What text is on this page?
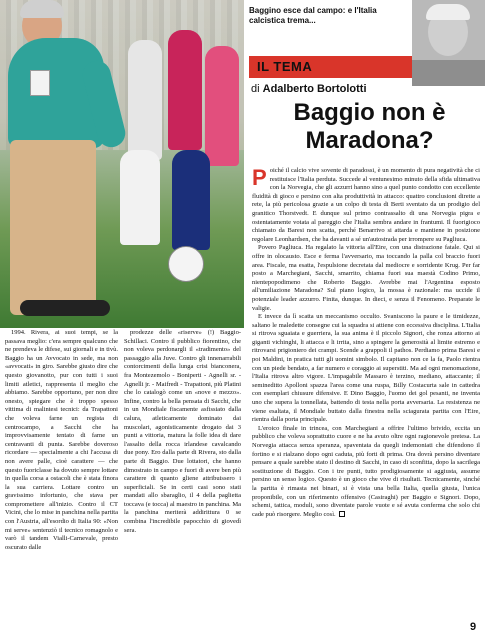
Baggino esce dal campo: e l'Italia calcistica trema...
IL TEMA
di Adalberto Bortolotti
Baggio non è Maradona?

1994. Rivera, ai suoi tempi, se la passava meglio: c'era sempre qualcuno che ne prendeva le difese, sui giornali e in tivù. Baggio ha un Avvocato in sede, ma non «avvocati» in giro. Sarebbe giusto dire che questo giovanotto, pur con tutti i suoi limiti atletici, rappresenta il meglio che abbiamo. Sarebbe opportuno, per non dire onesto, spiegare che è troppo spesso vittima di malintesi tecnici: da Trapattoni che voleva farne un regista di centrocampo, a Sacchi che ha improvvisamente tentato di farne un centravanti di punta. Sarebbe doveroso ricordare — specialmente a chi l'accusa di non avere palle, cioè carattere — che questo fuoriclasse ha dovuto sempre lottare in quella corsa a ostacoli che è stata finora la sua carriera. Lottare contro un gravissimo infortunio, che stava per compromettere all'inizio. Contro il CT Vicini, che lo mise in panchina nella partita con l'Austria, all'esordio di Italia 90: «Non mi serve» sentenziò il tecnico romagnolo e varò il tandem Vialli-Carnevale, presto oscurato dalle

prodezze delle «riserve» (!) Baggio-Schillaci. Contro il pubblico fiorentino, che non voleva perdonargli il «tradimento» del passaggio alla Juve. Contro gli innenarrabili contorcimenti della lunga crisi bianconera, fra Montezemolo - Boniperti - Agnelli sr. - Agnelli jr. - Maifredi - Trapattoni, più Platini che lo catalogò come un «nove e mezzo». Infine, contro la bella pensata di Sacchi, che in un Mondiale fiscamente asfissiato dalla calura, atleticamente dominato dai muscolari, agonisticamente drogato dai 3 punti a vittoria, matura la folle idea di dare l'assalto della rocca irlandese cavalcando due pony. Ero dalla parte di Rivera, sto dalla parte di Baggio. Due lottatori, che hanno dimostrato in campo e fuori di avere ben più carattere di quanto gliene attribuissero i superficiali. Se in certi casi sono stati mandati allo sbaraglio, il 4 della paglietta toccava (e tocca) al maestro in panchina. Ma la panchina meriterà addirittura 0 se combina l'incredibile papocchio di giovedì sera.

Poiché il calcio vive sovente di paradossi, è un momento di pura negatività che ci restituisce l'Italia perduta. Succede al ventunesimo minuto della sfida ultimativa con la Norvegia, che gli azzurri hanno sino a quel punto condotto con eccellente fluidità di gioco e persino con alta produttività in attacco: quattro conclusioni dirette a rete, la più pericolosa grazie a un colpo di testa di Berti sventato da un prodigio del granitico Thorstvedt. E dunque sul primo contrassalto di una Norvegia pigra e ostentatamente votata al pareggio che l'Italia sembra andare in frantumi. Il fuorigioco chiamato da Baresi non scatta, perché Benarrivo si attarda e mantiene in posizione regolare Leonhardsen, che ha davanti a sé un'autostrada per irrompere su Pagliuca.

Povero Pagliuca. Ha regalato la vittoria all'Eire, con una distrazione fatale. Qui si offre in olocausto. Esce e ferma l'avversario, ma toccando la palla col braccio fuori area. Fiscale, ma esatta, l'espulsione decretata dal mediocre e sorridente Krug. Per far posto a Marchegiani, Sacchi, smarrito, chiama fuori sua maestà Codino Primo, nientepopodimeno che Roberto Baggio. Avrebbe mai l'Argentina esposto all'umiliazione Maradona? Sul piano logico, la mossa è razionale: ma uccide il potenziale leader azzurro. Finita, dunque. In dieci, e senza il Fenomeno. Preparate le valigie.

E invece da lì scatta un meccanismo occulto. Svaniscono la paure e le timidezze, saltano le maledette consegne cui la squadra si attiene con eccessiva disciplina. L'Italia si ritrova sguaiata e guerriera, la sua anima è il piccolo Signori, che ronza attorno ai giganti vichinghi, li attacca e li irrita, sino a spingere la generosità al limite estremo e ritrovarsi prigioniero dei crampi. Scende a grappoli il pathos. Perdiamo prima Baresi e poi Maldini, in pratica tutti gli uomini simbolo. Il capitano non ce la fa, Paolo rientra con un piede bendato, a far numero e coraggio ai superstiti. Ma ad ogni menomazione, l'Italia ritrova altro vigore. L'impagabile Massaro è terzino, mediano, attaccante; il semineditto Apolloni spazza l'area come una ruspa, Billy Costacurta sale in cattedra con esemplari chiusure difensive. E Dino Baggio, l'uomo dei gol pesanti, ne inventa uno che supera la tonnellata, battendo di testa nella porta avversaria. La resistenza ne viene esaltata, il Mondiale buttato dalla finestra nella sciagurata partita con l'Eire, rientra dalla porta principale.

L'eroico finale in trincea, con Marchegiani a offrire l'ultimo brivido, eccita un pubblico che voleva soprattutto cuore e ne ha avuto oltre ogni ragionevole pretesa. La Norvegia attacca senza speranza, spaventata da quegli indemoniati che difendono il fortino e si rialzano dopo ogni caduta, più forti di prima. Ora dovrà persino diventare pensare a quale sarebbe stato il destino di Sacchi, in caso di sconfitta, dopo la sacrilega sostituzione di Baggio. Con i tre punti, tutto prodigiosamente si aggiusta, assume persino un senso logico. Questo è un gioco che vive di risultati. Tecnicamente, sinché la partita è rimasta nei binari, si è vista una bella Italia, quella giusta, l'unica proponibile, con un riferimento offensivo (Casiraghi) per Baggio e Signori. Dopo, schemi, tattica, moduli, sono diventate parole vuote e sé avuta conferma che solo chi cade può risorgere. Meglio così.

9
